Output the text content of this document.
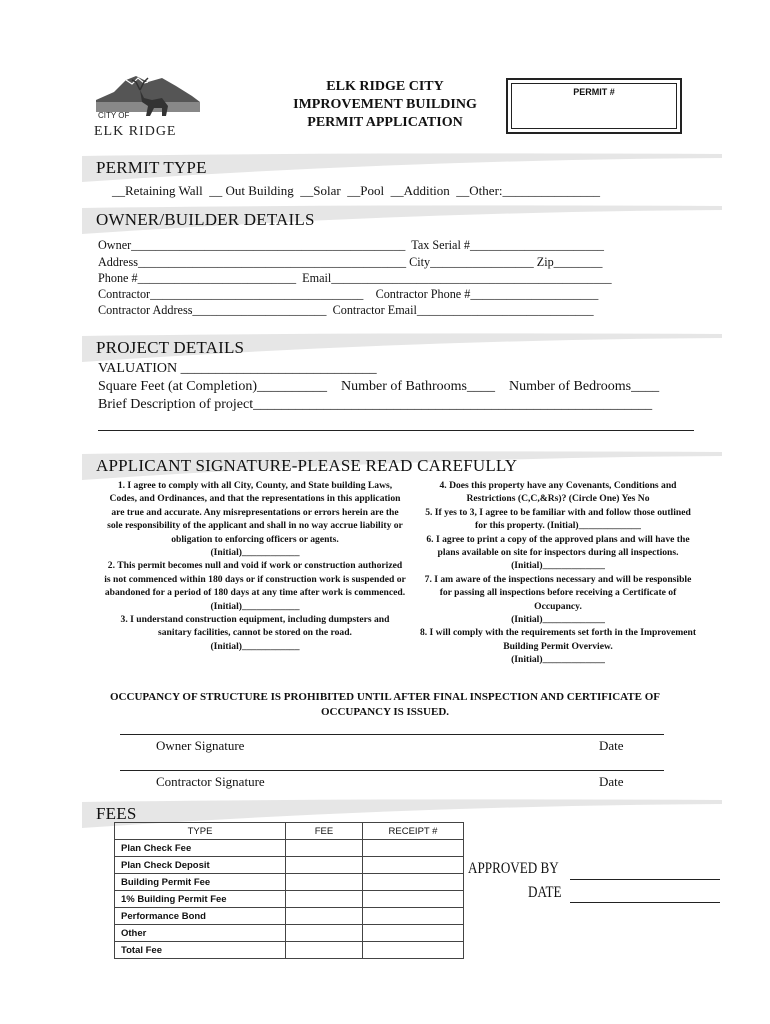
CITY OF
ELK RIDGE
ELK RIDGE CITY
IMPROVEMENT BUILDING
PERMIT APPLICATION
PERMIT #
PERMIT TYPE
__Retaining Wall  __ Out Building  __Solar  __Pool  __Addition  __Other:_______________
OWNER/BUILDER DETAILS
Owner_____________________________________________  Tax Serial #______________________
Address____________________________________________ City_________________ Zip________
Phone #__________________________  Email______________________________________________
Contractor___________________________________    Contractor Phone #_____________________
Contractor Address______________________  Contractor Email_____________________________
PROJECT DETAILS
VALUATION ____________________________
Square Feet (at Completion)__________    Number of Bathrooms____    Number of Bedrooms____
Brief Description of project_________________________________________________________
APPLICANT SIGNATURE-PLEASE READ CAREFULLY

1. I agree to comply with all City, County, and State building Laws, Codes, and Ordinances, and that the representations in this application are true and accurate. Any misrepresentations or errors herein are the sole responsibility of the applicant and shall in no way accrue liability or obligation to enforcing officers or agents.

(Initial)____________

2. This permit becomes null and void if work or construction authorized is not commenced within 180 days or if construction work is suspended or abandoned for a period of 180 days at any time after work is commenced.

(Initial)____________

3. I understand construction equipment, including dumpsters and sanitary facilities, cannot be stored on the road.

(Initial)____________

4. Does this property have any Covenants, Conditions and Restrictions (C,C,&Rs)? (Circle One) Yes No

5. If yes to 3, I agree to be familiar with and follow those outlined for this property. (Initial)_____________

6. I agree to print a copy of the approved plans and will have the plans available on site for inspectors during all inspections. (Initial)_____________

7. I am aware of the inspections necessary and will be responsible for passing all inspections before receiving a Certificate of Occupancy.

(Initial)_____________

8. I will comply with the requirements set forth in the Improvement Building Permit Overview.

(Initial)_____________

OCCUPANCY OF STRUCTURE IS PROHIBITED UNTIL AFTER FINAL INSPECTION AND CERTIFICATE OF OCCUPANCY IS ISSUED.
Owner Signature	Date
Contractor Signature	Date
FEES
TYPE	FEE	RECEIPT #
Plan Check Fee		
Plan Check Deposit		
Building Permit Fee		
1% Building Permit Fee		
Performance Bond		
Other		
Total Fee		
APPROVED BY
DATE
